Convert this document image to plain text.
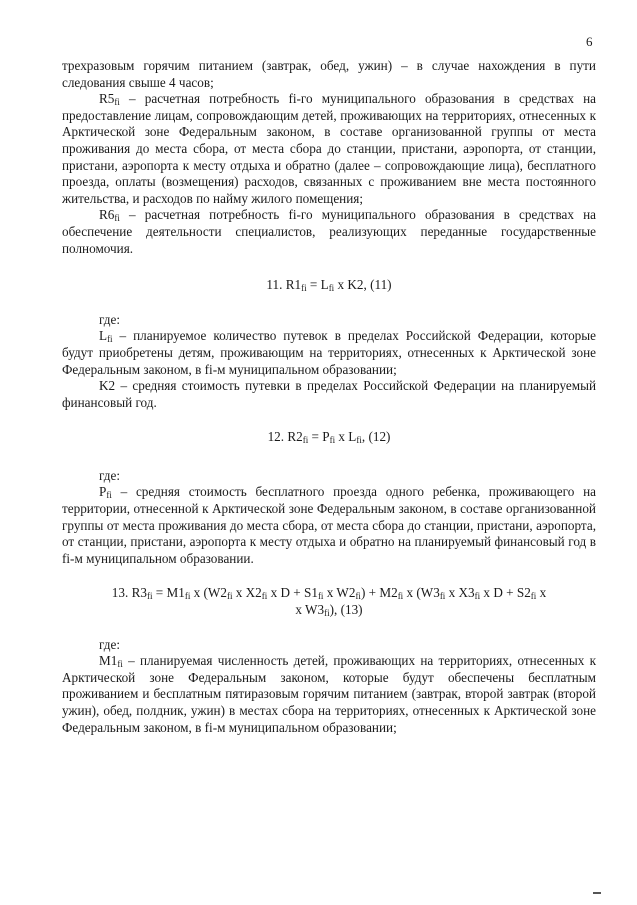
6

трехразовым горячим питанием (завтрак, обед, ужин) – в случае нахождения в пути следования свыше 4 часов;

$R5_{fi}$ – расчетная потребность fi-го муниципального образования в средствах на предоставление лицам, сопровождающим детей, проживающих на территориях, отнесенных к Арктической зоне Федеральным законом, в составе организованной группы от места проживания до места сбора, от места сбора до станции, пристани, аэропорта, от станции, пристани, аэропорта к месту отдыха и обратно (далее – сопровождающие лица), бесплатного проезда, оплаты (возмещения) расходов, связанных с проживанием вне места постоянного жительства, и расходов по найму жилого помещения;

$R6_{fi}$ – расчетная потребность fi-го муниципального образования в средствах на обеспечение деятельности специалистов, реализующих переданные государственные полномочия.

11. $R1_{fi} = L_{fi}$ x K2, (11)

где:

$L_{fi}$ – планируемое количество путевок в пределах Российской Федерации, которые будут приобретены детям, проживающим на территориях, отнесенных к Арктической зоне Федеральным законом, в fi-м муниципальном образовании;

K2 – средняя стоимость путевки в пределах Российской Федерации на планируемый финансовый год.

12. $R2_{fi} = P_{fi}$ x $L_{fi}$, (12)

где:

$P_{fi}$ – средняя стоимость бесплатного проезда одного ребенка, проживающего на территории, отнесенной к Арктической зоне Федеральным законом, в составе организованной группы от места проживания до места сбора, от места сбора до станции, пристани, аэропорта, от станции, пристани, аэропорта к месту отдыха и обратно на планируемый финансовый год в fi-м муниципальном образовании.

13. $R3_{fi} = M1_{fi}$ x ($W2_{fi}$ x $X2_{fi}$ x $D + S1_{fi}$ x $W2_{fi}) + M2_{fi}$ x ($W3_{fi}$ x $X3_{fi}$ x $D + S2_{fi}$ x
x $W3_{fi}$), (13)

где:

$M1_{fi}$ – планируемая численность детей, проживающих на территориях, отнесенных к Арктической зоне Федеральным законом, которые будут обеспечены бесплатным проживанием и бесплатным пятиразовым горячим питанием (завтрак, второй завтрак (второй ужин), обед, полдник, ужин) в местах сбора на территориях, отнесенных к Арктической зоне Федеральным законом, в fi-м муниципальном образовании;
